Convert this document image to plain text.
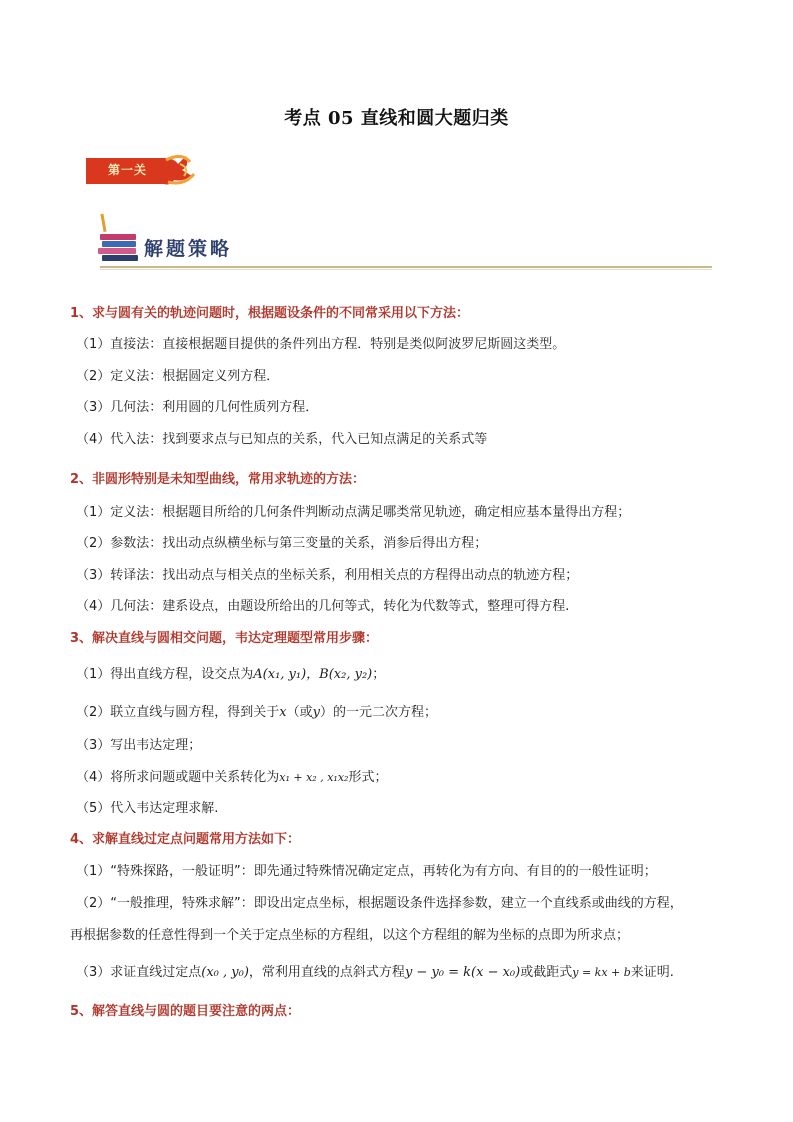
考点 05 直线和圆大题归类
第一关
解题策略
1、求与圆有关的轨迹问题时，根据题设条件的不同常采用以下方法：
（1）直接法：直接根据题目提供的条件列出方程．特别是类似阿波罗尼斯圆这类型。
（2）定义法：根据圆定义列方程．
（3）几何法：利用圆的几何性质列方程．
（4）代入法：找到要求点与已知点的关系，代入已知点满足的关系式等
2、非圆形特别是未知型曲线，常用求轨迹的方法：
（1）定义法：根据题目所给的几何条件判断动点满足哪类常见轨迹，确定相应基本量得出方程；
（2）参数法：找出动点纵横坐标与第三变量的关系，消参后得出方程；
（3）转译法：找出动点与相关点的坐标关系，利用相关点的方程得出动点的轨迹方程；
（4）几何法：建系设点，由题设所给出的几何等式，转化为代数等式，整理可得方程.
3、解决直线与圆相交问题，韦达定理题型常用步骤：
（1）得出直线方程，设交点为A(x₁, y₁)，B(x₂, y₂)；
（2）联立直线与圆方程，得到关于x（或y）的一元二次方程；
（3）写出韦达定理；
（4）将所求问题或题中关系转化为x₁ + x₂ , x₁x₂形式；
（5）代入韦达定理求解.
4、求解直线过定点问题常用方法如下：
（1）“特殊探路，一般证明”：即先通过特殊情况确定定点，再转化为有方向、有目的的一般性证明；
（2）“一般推理，特殊求解”：即设出定点坐标，根据题设条件选择参数，建立一个直线系或曲线的方程，
再根据参数的任意性得到一个关于定点坐标的方程组，以这个方程组的解为坐标的点即为所求点；
（3）求证直线过定点(x₀ , y₀)，常利用直线的点斜式方程y − y₀ = k(x − x₀)或截距式y = kx + b来证明.
5、解答直线与圆的题目要注意的两点：
